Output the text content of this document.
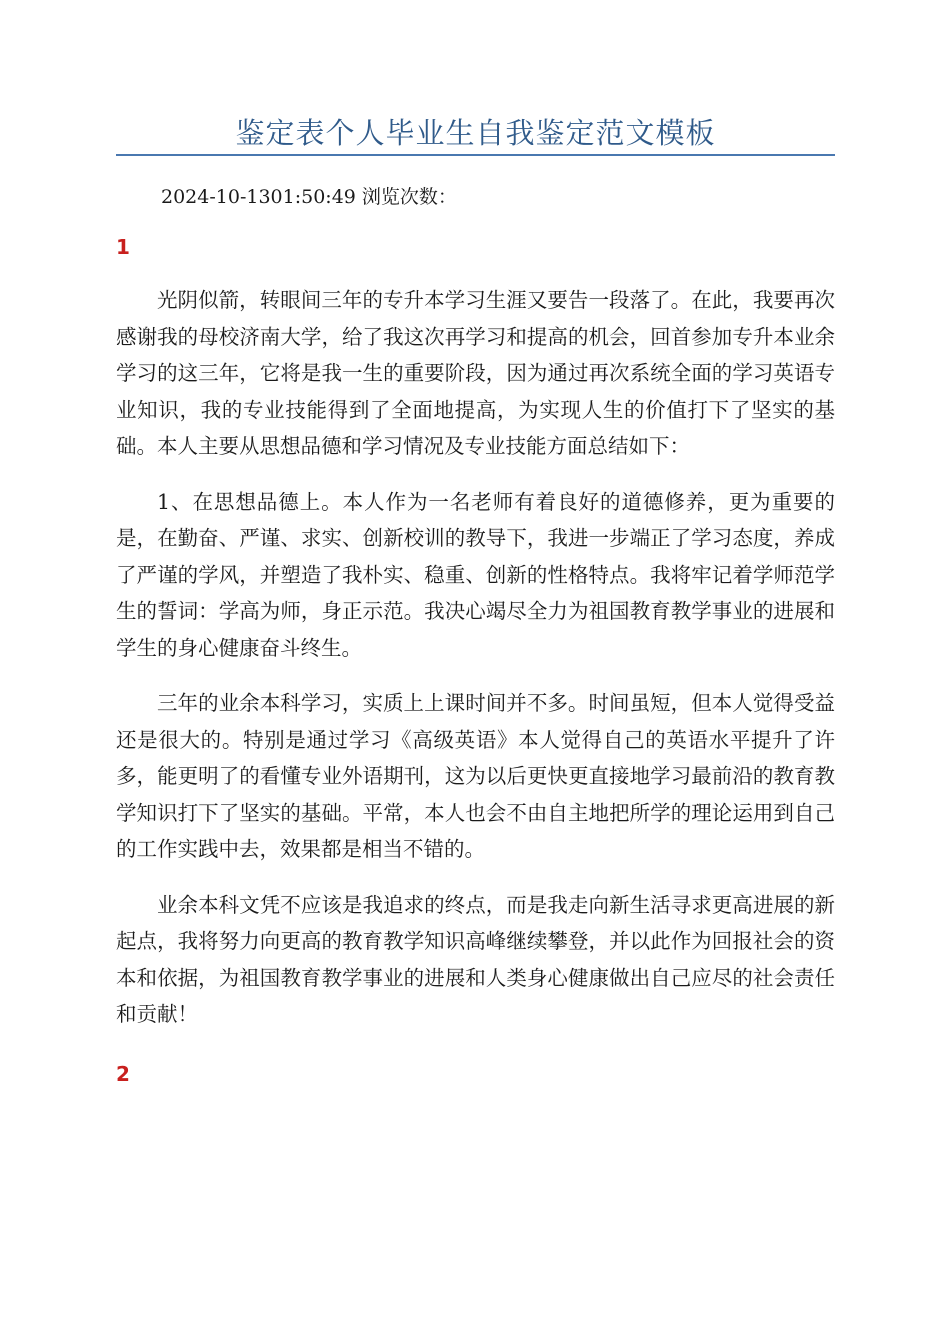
鉴定表个人毕业生自我鉴定范文模板
2024-10-1301:50:49 浏览次数：
1

光阴似箭，转眼间三年的专升本学习生涯又要告一段落了。在此，我要再次感谢我的母校济南大学，给了我这次再学习和提高的机会，回首参加专升本业余学习的这三年，它将是我一生的重要阶段，因为通过再次系统全面的学习英语专业知识，我的专业技能得到了全面地提高，为实现人生的价值打下了坚实的基础。本人主要从思想品德和学习情况及专业技能方面总结如下：

1、在思想品德上。本人作为一名老师有着良好的道德修养，更为重要的是，在勤奋、严谨、求实、创新校训的教导下，我进一步端正了学习态度，养成了严谨的学风，并塑造了我朴实、稳重、创新的性格特点。我将牢记着学师范学生的誓词：学高为师，身正示范。我决心竭尽全力为祖国教育教学事业的进展和学生的身心健康奋斗终生。

三年的业余本科学习，实质上上课时间并不多。时间虽短，但本人觉得受益还是很大的。特别是通过学习《高级英语》本人觉得自己的英语水平提升了许多，能更明了的看懂专业外语期刊，这为以后更快更直接地学习最前沿的教育教学知识打下了坚实的基础。平常，本人也会不由自主地把所学的理论运用到自己的工作实践中去，效果都是相当不错的。

业余本科文凭不应该是我追求的终点，而是我走向新生活寻求更高进展的新起点，我将努力向更高的教育教学知识高峰继续攀登，并以此作为回报社会的资本和依据，为祖国教育教学事业的进展和人类身心健康做出自己应尽的社会责任和贡献！

2
